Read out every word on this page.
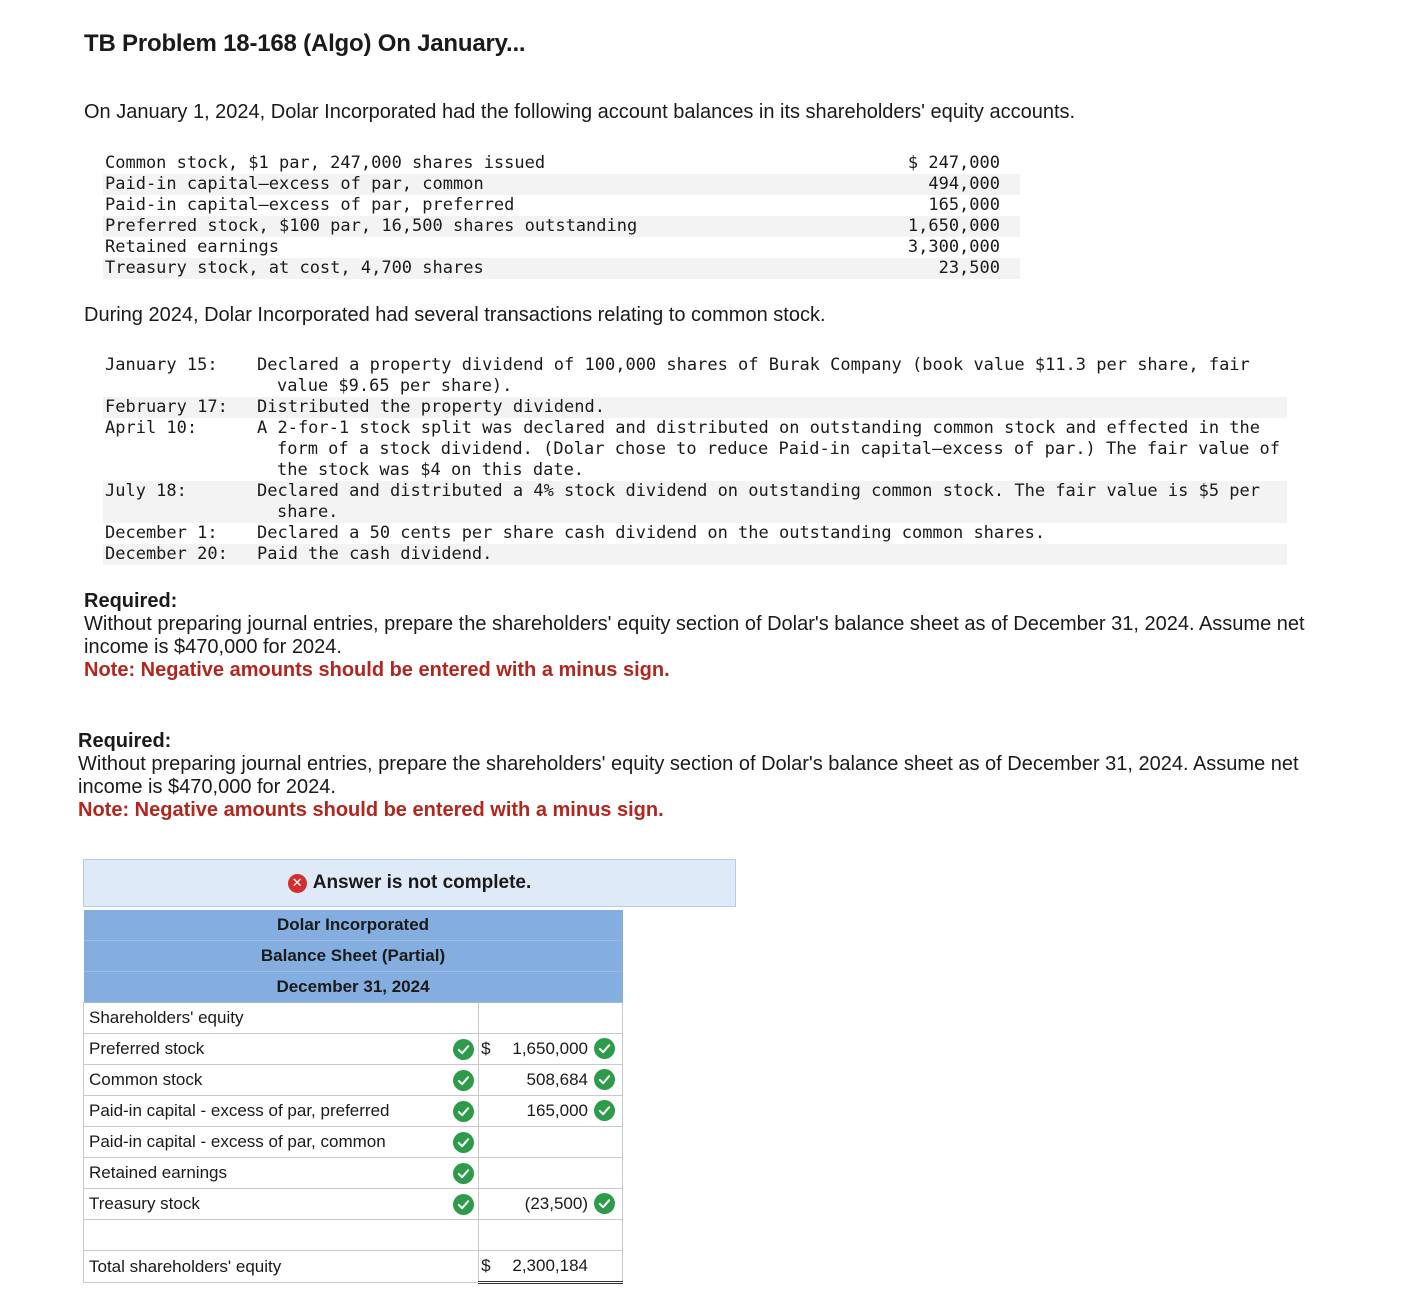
TB Problem 18-168 (Algo) On January...
On January 1, 2024, Dolar Incorporated had the following account balances in its shareholders' equity accounts.
Common stock, $1 par, 247,000 shares issued	$ 247,000
Paid-in capital—excess of par, common	494,000
Paid-in capital—excess of par, preferred	165,000
Preferred stock, $100 par, 16,500 shares outstanding	1,650,000
Retained earnings	3,300,000
Treasury stock, at cost, 4,700 shares	23,500
During 2024, Dolar Incorporated had several transactions relating to common stock.
January 15:	Declared a property dividend of 100,000 shares of Burak Company (book value $11.3 per share, fair value $9.65 per share).
February 17:	Distributed the property dividend.
April 10:	A 2-for-1 stock split was declared and distributed on outstanding common stock and effected in the form of a stock dividend. (Dolar chose to reduce Paid-in capital—excess of par.) The fair value of the stock was $4 on this date.
July 18:	Declared and distributed a 4% stock dividend on outstanding common stock. The fair value is $5 per share.
December 1:	Declared a 50 cents per share cash dividend on the outstanding common shares.
December 20:	Paid the cash dividend.
Required:
Without preparing journal entries, prepare the shareholders' equity section of Dolar's balance sheet as of December 31, 2024. Assume net income is $470,000 for 2024.
Note: Negative amounts should be entered with a minus sign.
Required:
Without preparing journal entries, prepare the shareholders' equity section of Dolar's balance sheet as of December 31, 2024. Assume net income is $470,000 for 2024.
Note: Negative amounts should be entered with a minus sign.
✕ Answer is not complete.
Dolar Incorporated		
Balance Sheet (Partial)		
December 31, 2024		
Shareholders' equity		
Preferred stock		$ 1,650,000

Common stock		508,684

Paid-in capital - excess of par, preferred		165,000

Paid-in capital - excess of par, common	

Retained earnings	

Treasury stock		(23,500)

Total shareholders' equity		$ 2,300,184
